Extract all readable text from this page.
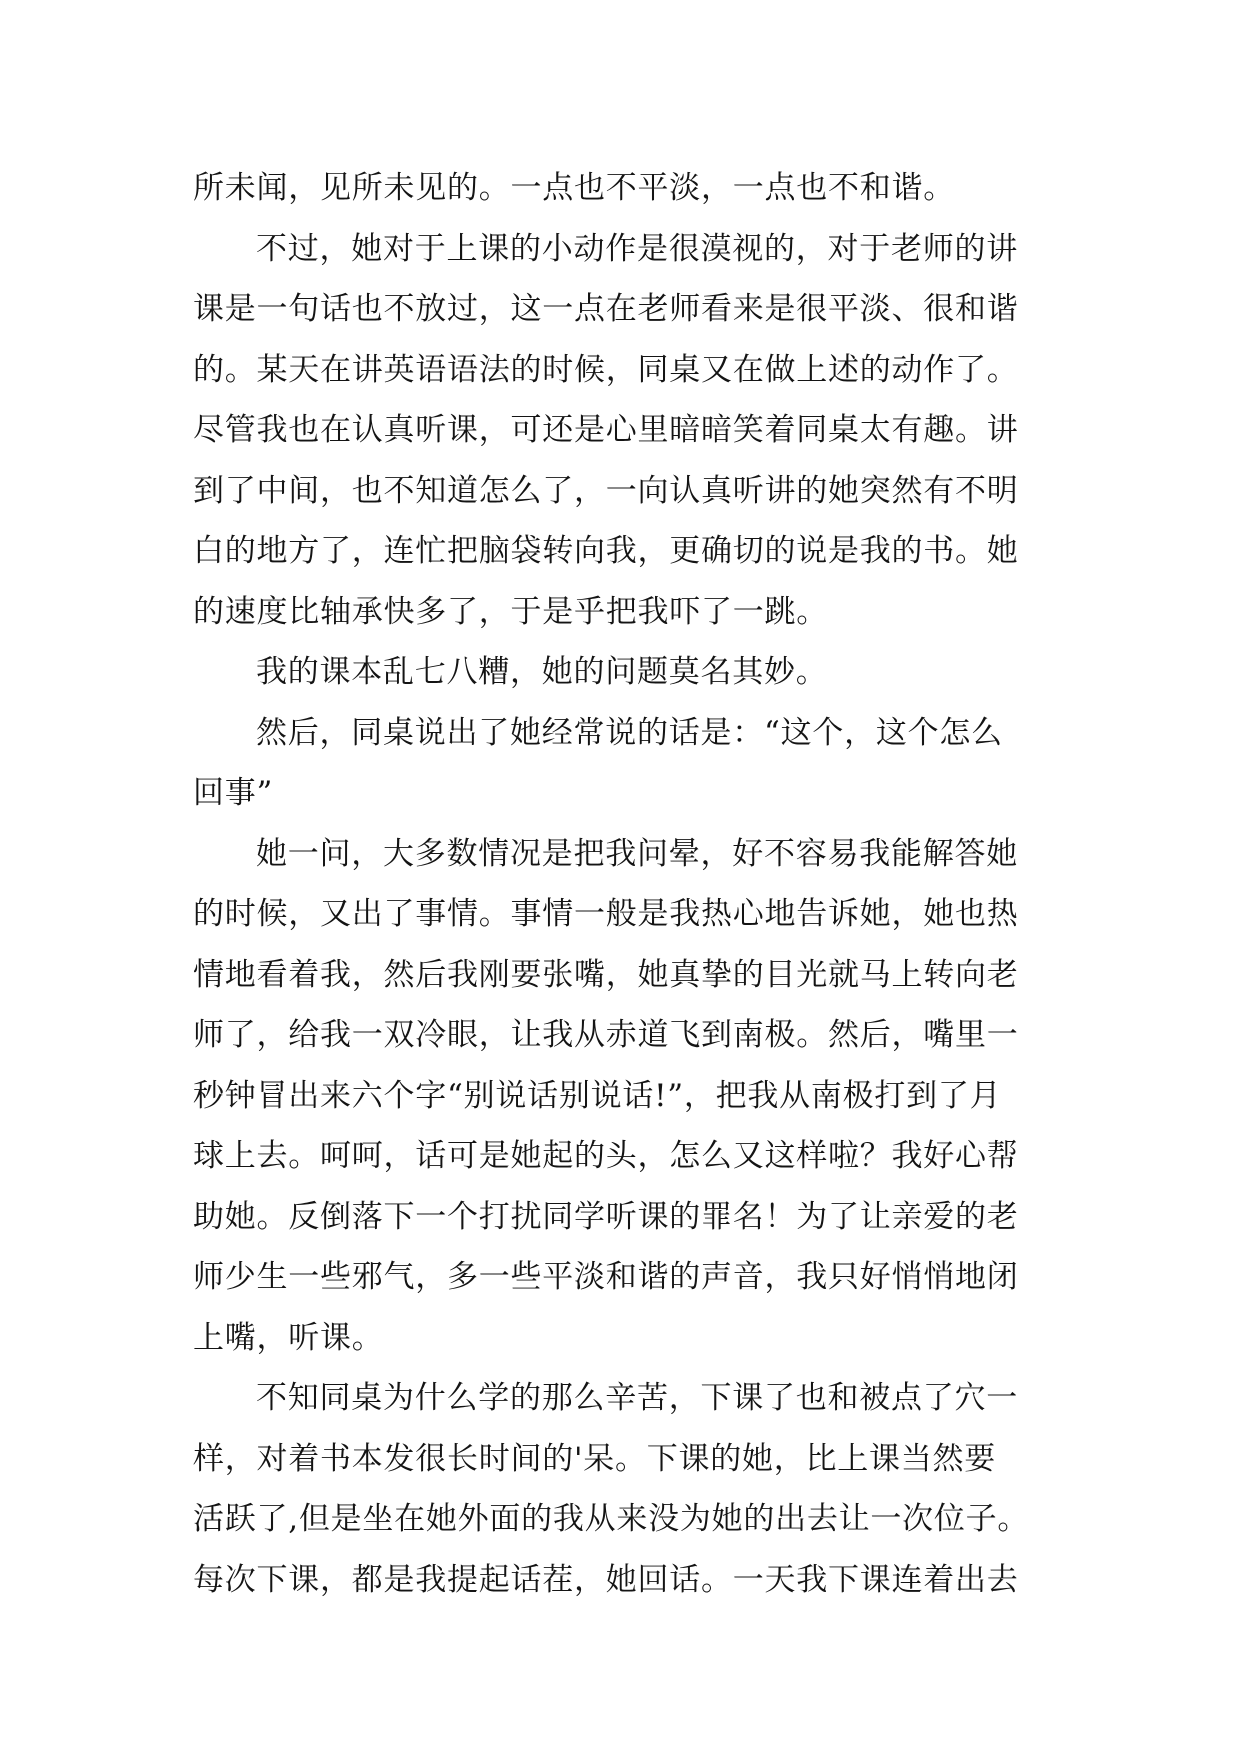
所未闻，见所未见的。一点也不平淡，一点也不和谐。
不过，她对于上课的小动作是很漠视的，对于老师的讲
课是一句话也不放过，这一点在老师看来是很平淡、很和谐
的。某天在讲英语语法的时候，同桌又在做上述的动作了。
尽管我也在认真听课，可还是心里暗暗笑着同桌太有趣。讲
到了中间，也不知道怎么了，一向认真听讲的她突然有不明
白的地方了，连忙把脑袋转向我，更确切的说是我的书。她
的速度比轴承快多了，于是乎把我吓了一跳。
我的课本乱七八糟，她的问题莫名其妙。
然后，同桌说出了她经常说的话是：“这个，这个怎么
回事”
她一问，大多数情况是把我问晕，好不容易我能解答她
的时候，又出了事情。事情一般是我热心地告诉她，她也热
情地看着我，然后我刚要张嘴，她真挚的目光就马上转向老
师了，给我一双冷眼，让我从赤道飞到南极。然后，嘴里一
秒钟冒出来六个字“别说话别说话!”，把我从南极打到了月
球上去。呵呵，话可是她起的头，怎么又这样啦？我好心帮
助她。反倒落下一个打扰同学听课的罪名！为了让亲爱的老
师少生一些邪气，多一些平淡和谐的声音，我只好悄悄地闭
上嘴，听课。
不知同桌为什么学的那么辛苦，下课了也和被点了穴一
样，对着书本发很长时间的'呆。下课的她，比上课当然要
活跃了,但是坐在她外面的我从来没为她的出去让一次位子。
每次下课，都是我提起话茬，她回话。一天我下课连着出去
